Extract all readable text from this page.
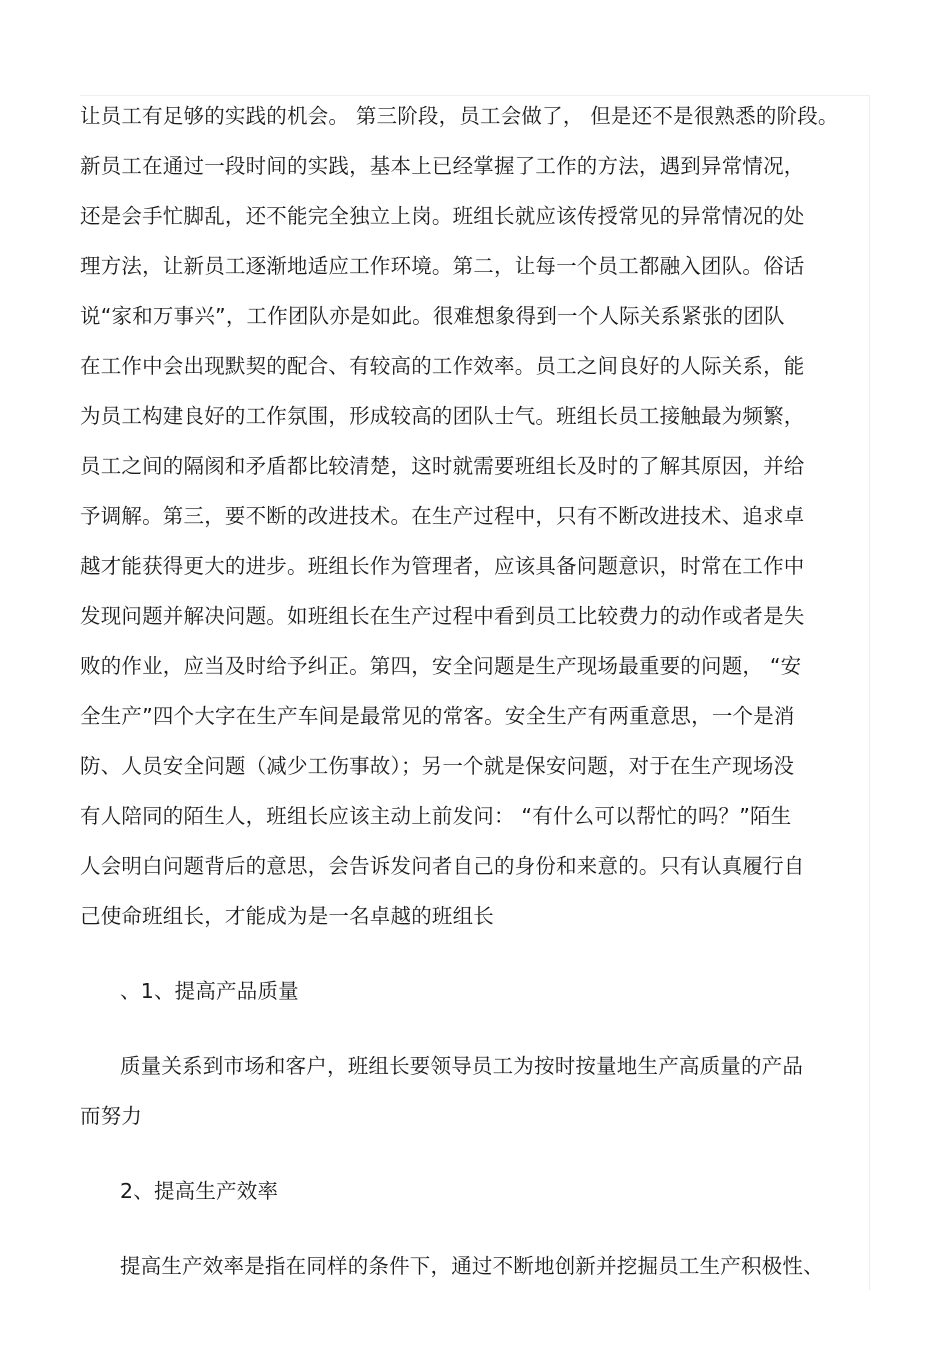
让员工有足够的实践的机会。 第三阶段，员工会做了， 但是还不是很熟悉的阶段。
新员工在通过一段时间的实践，基本上已经掌握了工作的方法，遇到异常情况，
还是会手忙脚乱，还不能完全独立上岗。班组长就应该传授常见的异常情况的处
理方法，让新员工逐渐地适应工作环境。第二，让每一个员工都融入团队。俗话
说“家和万事兴”，工作团队亦是如此。很难想象得到一个人际关系紧张的团队
在工作中会出现默契的配合、有较高的工作效率。员工之间良好的人际关系，能
为员工构建良好的工作氛围，形成较高的团队士气。班组长员工接触最为频繁，
员工之间的隔阂和矛盾都比较清楚，这时就需要班组长及时的了解其原因，并给
予调解。第三，要不断的改进技术。在生产过程中，只有不断改进技术、追求卓
越才能获得更大的进步。班组长作为管理者，应该具备问题意识，时常在工作中
发现问题并解决问题。如班组长在生产过程中看到员工比较费力的动作或者是失
败的作业，应当及时给予纠正。第四，安全问题是生产现场最重要的问题， “安
全生产”四个大字在生产车间是最常见的常客。安全生产有两重意思，一个是消
防、人员安全问题（减少工伤事故）；另一个就是保安问题，对于在生产现场没
有人陪同的陌生人，班组长应该主动上前发问： “有什么可以帮忙的吗？”陌生
人会明白问题背后的意思，会告诉发问者自己的身份和来意的。只有认真履行自
己使命班组长，才能成为是一名卓越的班组长
、1、提高产品质量
质量关系到市场和客户，班组长要领导员工为按时按量地生产高质量的产品
而努力
2、提高生产效率
提高生产效率是指在同样的条件下，通过不断地创新并挖掘员工生产积极性、
